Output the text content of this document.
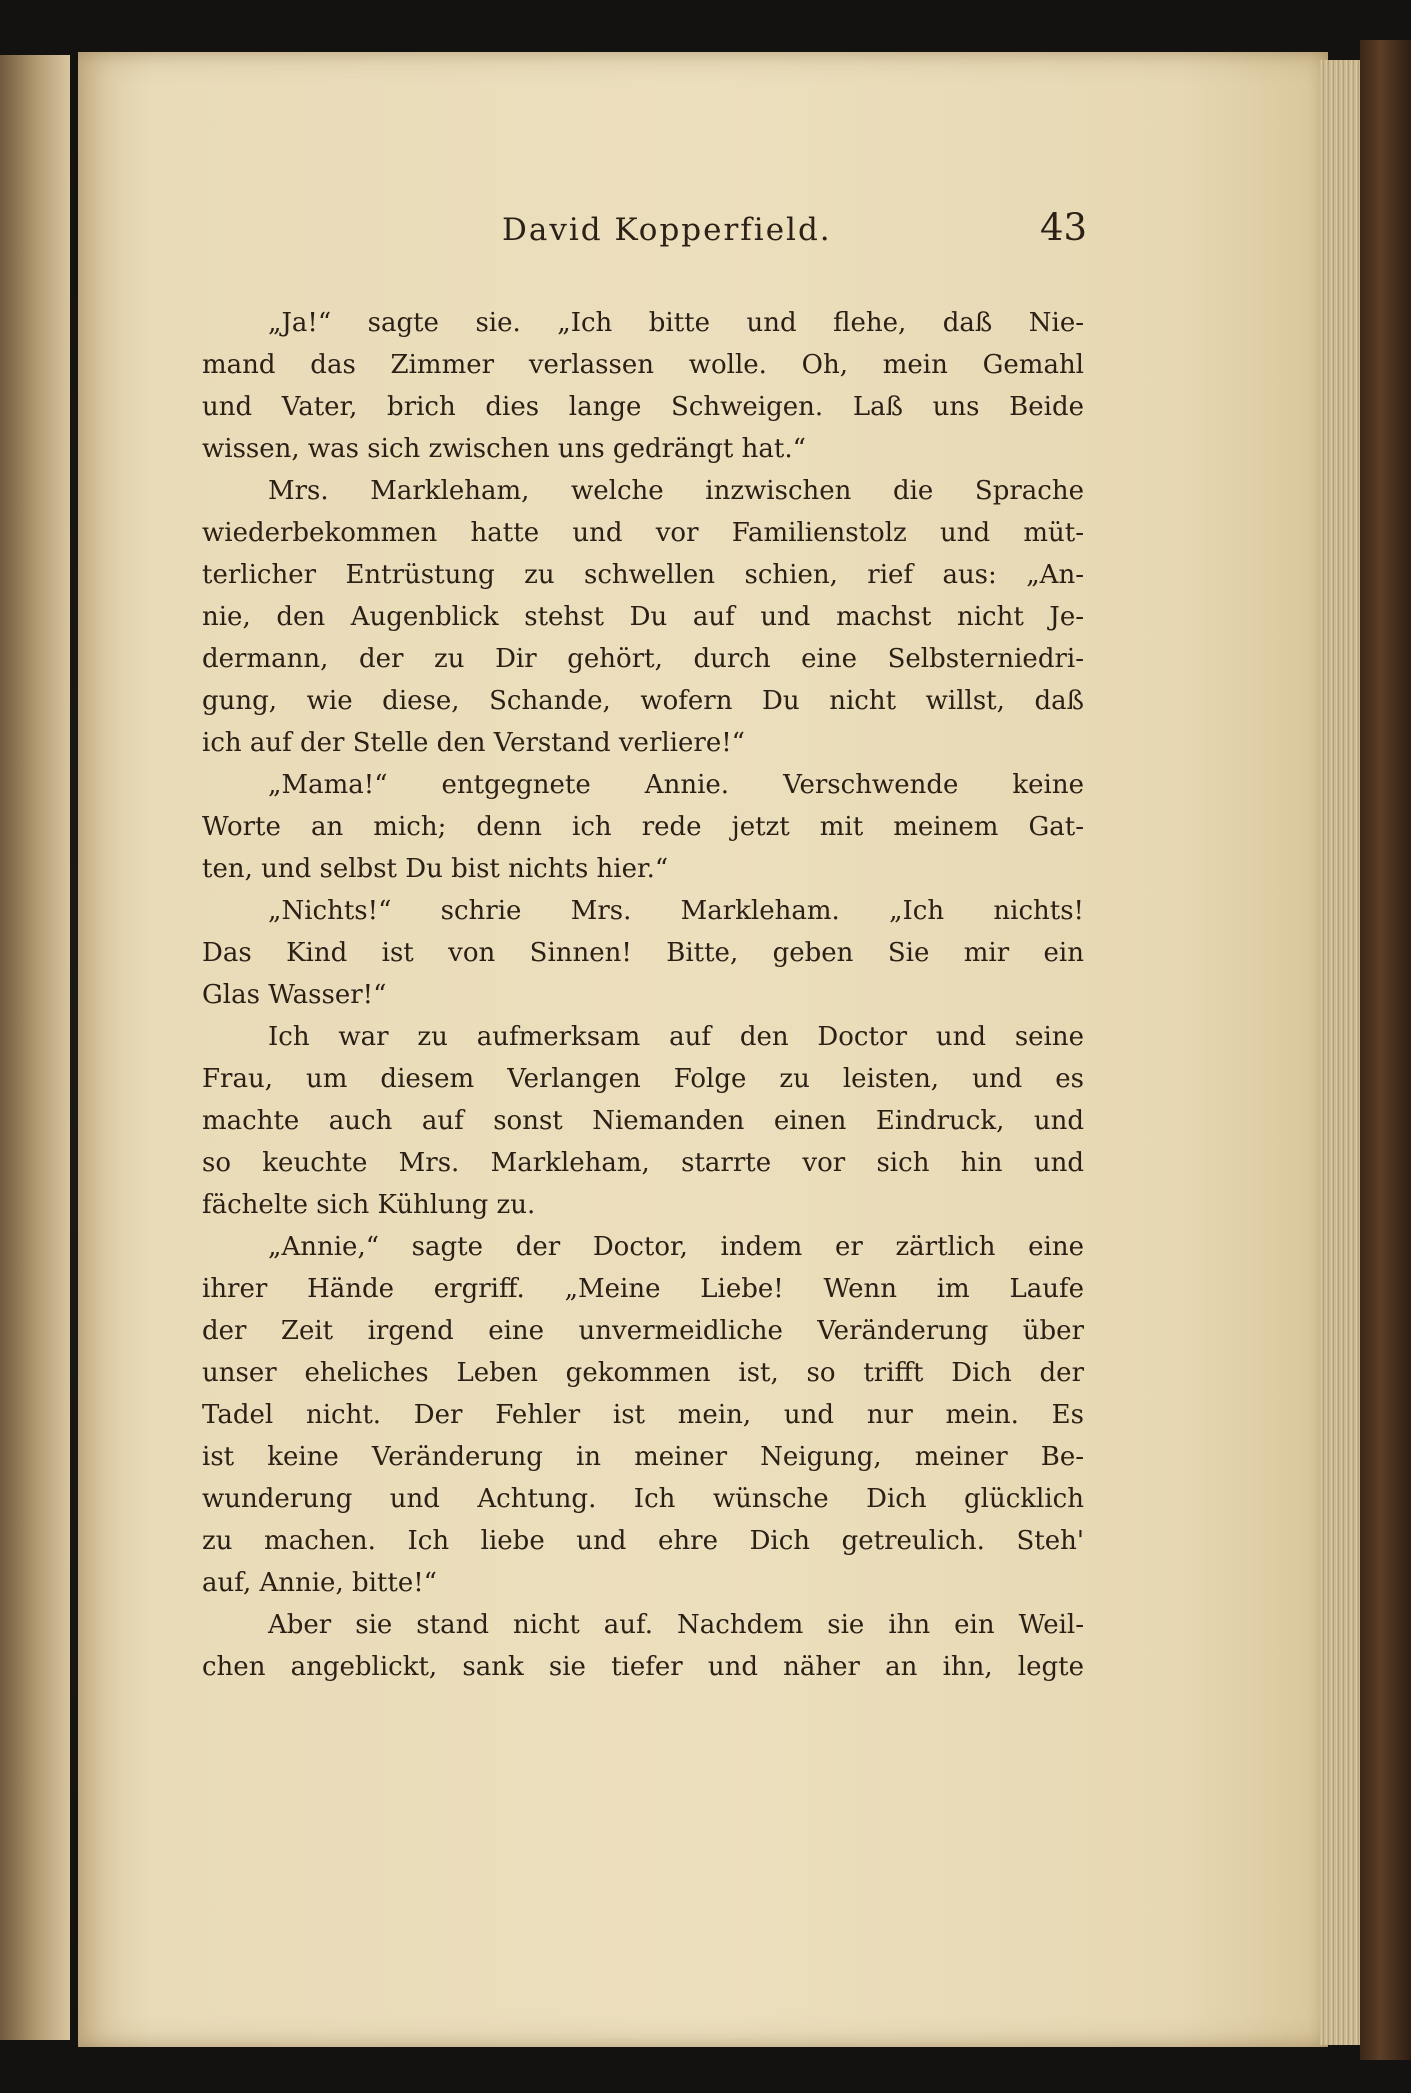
David Kopperfield.	43
„Ja!“ sagte sie. „Ich bitte und flehe, daß Nie-
mand das Zimmer verlassen wolle. Oh, mein Gemahl
und Vater, brich dies lange Schweigen. Laß uns Beide
wissen, was sich zwischen uns gedrängt hat.“
Mrs. Markleham, welche inzwischen die Sprache
wiederbekommen hatte und vor Familienstolz und müt-
terlicher Entrüstung zu schwellen schien, rief aus: „An-
nie, den Augenblick stehst Du auf und machst nicht Je-
dermann, der zu Dir gehört, durch eine Selbsterniedri-
gung, wie diese, Schande, wofern Du nicht willst, daß
ich auf der Stelle den Verstand verliere!“
„Mama!“ entgegnete Annie. Verschwende keine
Worte an mich; denn ich rede jetzt mit meinem Gat-
ten, und selbst Du bist nichts hier.“
„Nichts!“ schrie Mrs. Markleham. „Ich nichts!
Das Kind ist von Sinnen! Bitte, geben Sie mir ein
Glas Wasser!“
Ich war zu aufmerksam auf den Doctor und seine
Frau, um diesem Verlangen Folge zu leisten, und es
machte auch auf sonst Niemanden einen Eindruck, und
so keuchte Mrs. Markleham, starrte vor sich hin und
fächelte sich Kühlung zu.
„Annie,“ sagte der Doctor, indem er zärtlich eine
ihrer Hände ergriff. „Meine Liebe! Wenn im Laufe
der Zeit irgend eine unvermeidliche Veränderung über
unser eheliches Leben gekommen ist, so trifft Dich der
Tadel nicht. Der Fehler ist mein, und nur mein. Es
ist keine Veränderung in meiner Neigung, meiner Be-
wunderung und Achtung. Ich wünsche Dich glücklich
zu machen. Ich liebe und ehre Dich getreulich. Steh'
auf, Annie, bitte!“
Aber sie stand nicht auf. Nachdem sie ihn ein Weil-
chen angeblickt, sank sie tiefer und näher an ihn, legte
